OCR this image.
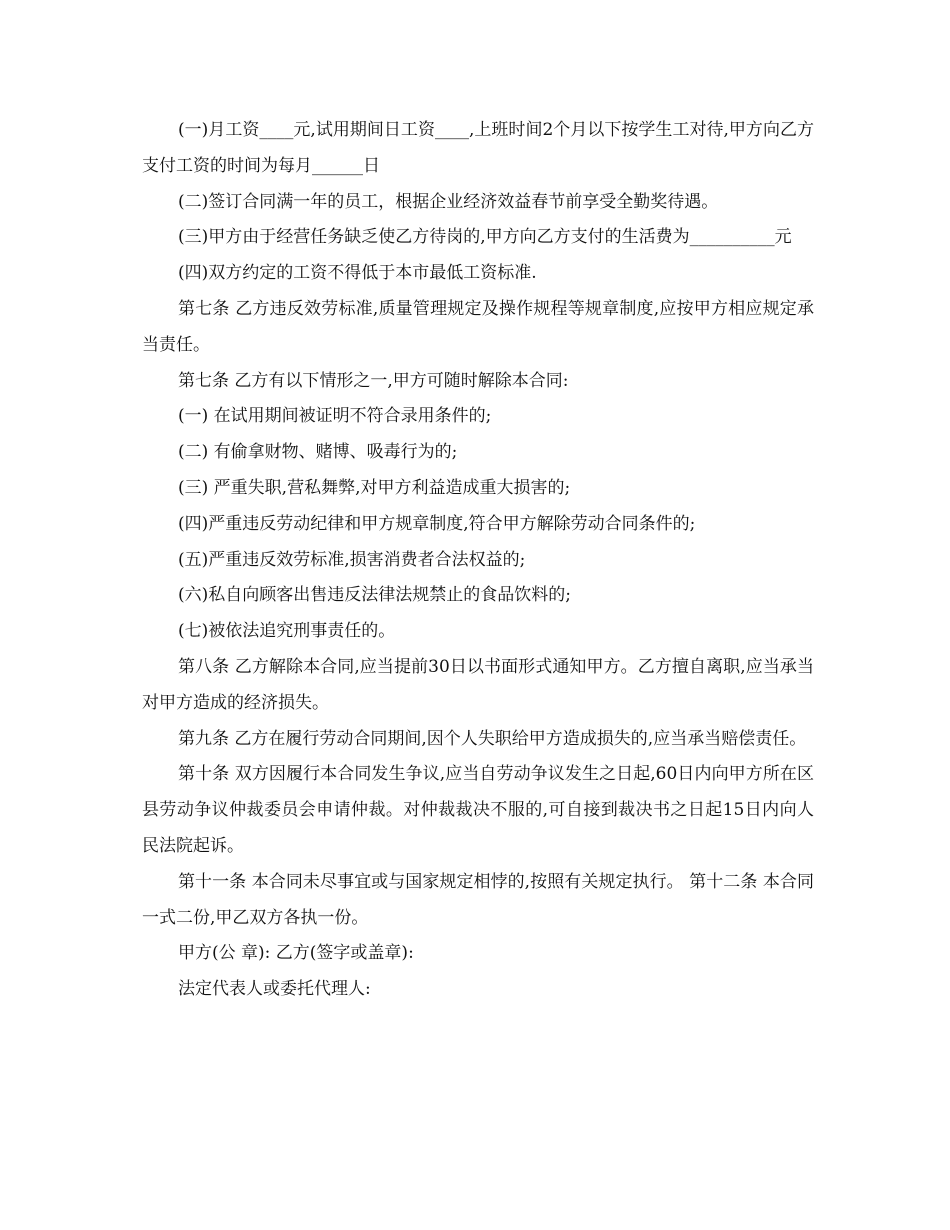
(一)月工资____元,试用期间日工资____,上班时间2个月以下按学生工对待,甲方向乙方支付工资的时间为每月______日

(二)签订合同满一年的员工，根据企业经济效益春节前享受全勤奖待遇。

(三)甲方由于经营任务缺乏使乙方待岗的,甲方向乙方支付的生活费为__________元

(四)双方约定的工资不得低于本市最低工资标准.

第七条 乙方违反效劳标准,质量管理规定及操作规程等规章制度,应按甲方相应规定承当责任。

第七条 乙方有以下情形之一,甲方可随时解除本合同:

(一) 在试用期间被证明不符合录用条件的;

(二) 有偷拿财物、赌博、吸毒行为的;

(三) 严重失职,营私舞弊,对甲方利益造成重大损害的;

(四)严重违反劳动纪律和甲方规章制度,符合甲方解除劳动合同条件的;

(五)严重违反效劳标准,损害消费者合法权益的;

(六)私自向顾客出售违反法律法规禁止的食品饮料的;

(七)被依法追究刑事责任的。

第八条 乙方解除本合同,应当提前30日以书面形式通知甲方。乙方擅自离职,应当承当对甲方造成的经济损失。

第九条 乙方在履行劳动合同期间,因个人失职给甲方造成损失的,应当承当赔偿责任。

第十条 双方因履行本合同发生争议,应当自劳动争议发生之日起,60日内向甲方所在区县劳动争议仲裁委员会申请仲裁。对仲裁裁决不服的,可自接到裁决书之日起15日内向人民法院起诉。

第十一条 本合同未尽事宜或与国家规定相悖的,按照有关规定执行。 第十二条 本合同一式二份,甲乙双方各执一份。

甲方(公 章): 乙方(签字或盖章):

法定代表人或委托代理人:
